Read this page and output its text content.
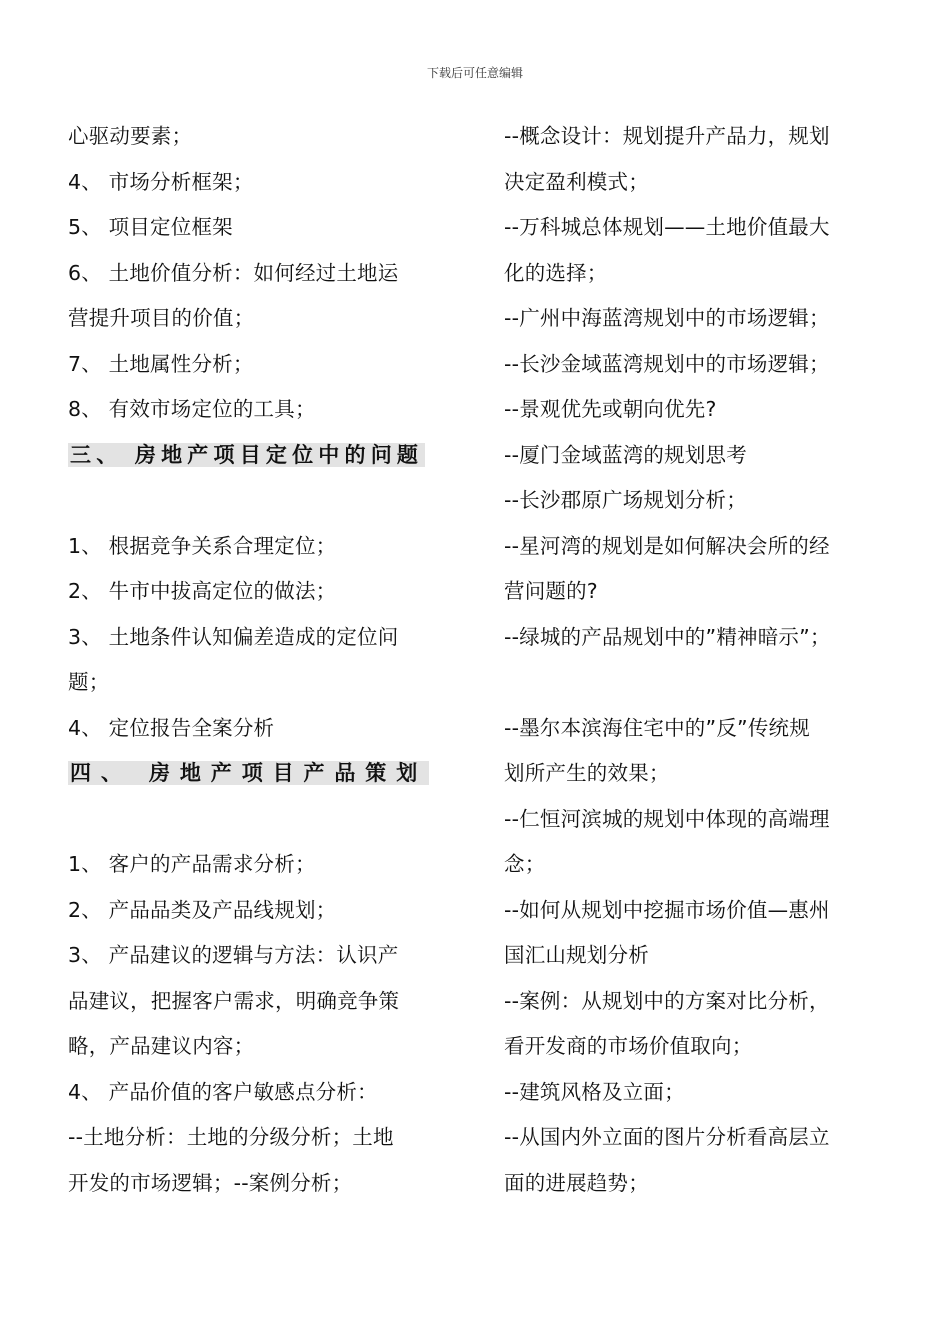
下载后可任意编辑
心驱动要素；
4、 市场分析框架；
5、 项目定位框架
6、 土地价值分析：如何经过土地运
营提升项目的价值；
7、 土地属性分析；
8、 有效市场定位的工具；
三、 房地产项目定位中的问题
1、 根据竞争关系合理定位；
2、 牛市中拔高定位的做法；
3、 土地条件认知偏差造成的定位问
题；
4、 定位报告全案分析
四、 房地产项目产品策划
1、 客户的产品需求分析；
2、 产品品类及产品线规划；
3、 产品建议的逻辑与方法：认识产
品建议，把握客户需求，明确竞争策
略，产品建议内容；
4、 产品价值的客户敏感点分析：
--土地分析：土地的分级分析；土地
开发的市场逻辑；--案例分析；
--概念设计：规划提升产品力，规划
决定盈利模式；
--万科城总体规划——土地价值最大
化的选择；
--广州中海蓝湾规划中的市场逻辑；
--长沙金域蓝湾规划中的市场逻辑；
--景观优先或朝向优先?
--厦门金域蓝湾的规划思考
--长沙郡原广场规划分析；
--星河湾的规划是如何解决会所的经
营问题的?
--绿城的产品规划中的”精神暗示”；
--墨尔本滨海住宅中的”反”传统规
划所产生的效果；
--仁恒河滨城的规划中体现的高端理
念；
--如何从规划中挖掘市场价值—惠州
国汇山规划分析
--案例：从规划中的方案对比分析，
看开发商的市场价值取向；
--建筑风格及立面；
--从国内外立面的图片分析看高层立
面的进展趋势；
